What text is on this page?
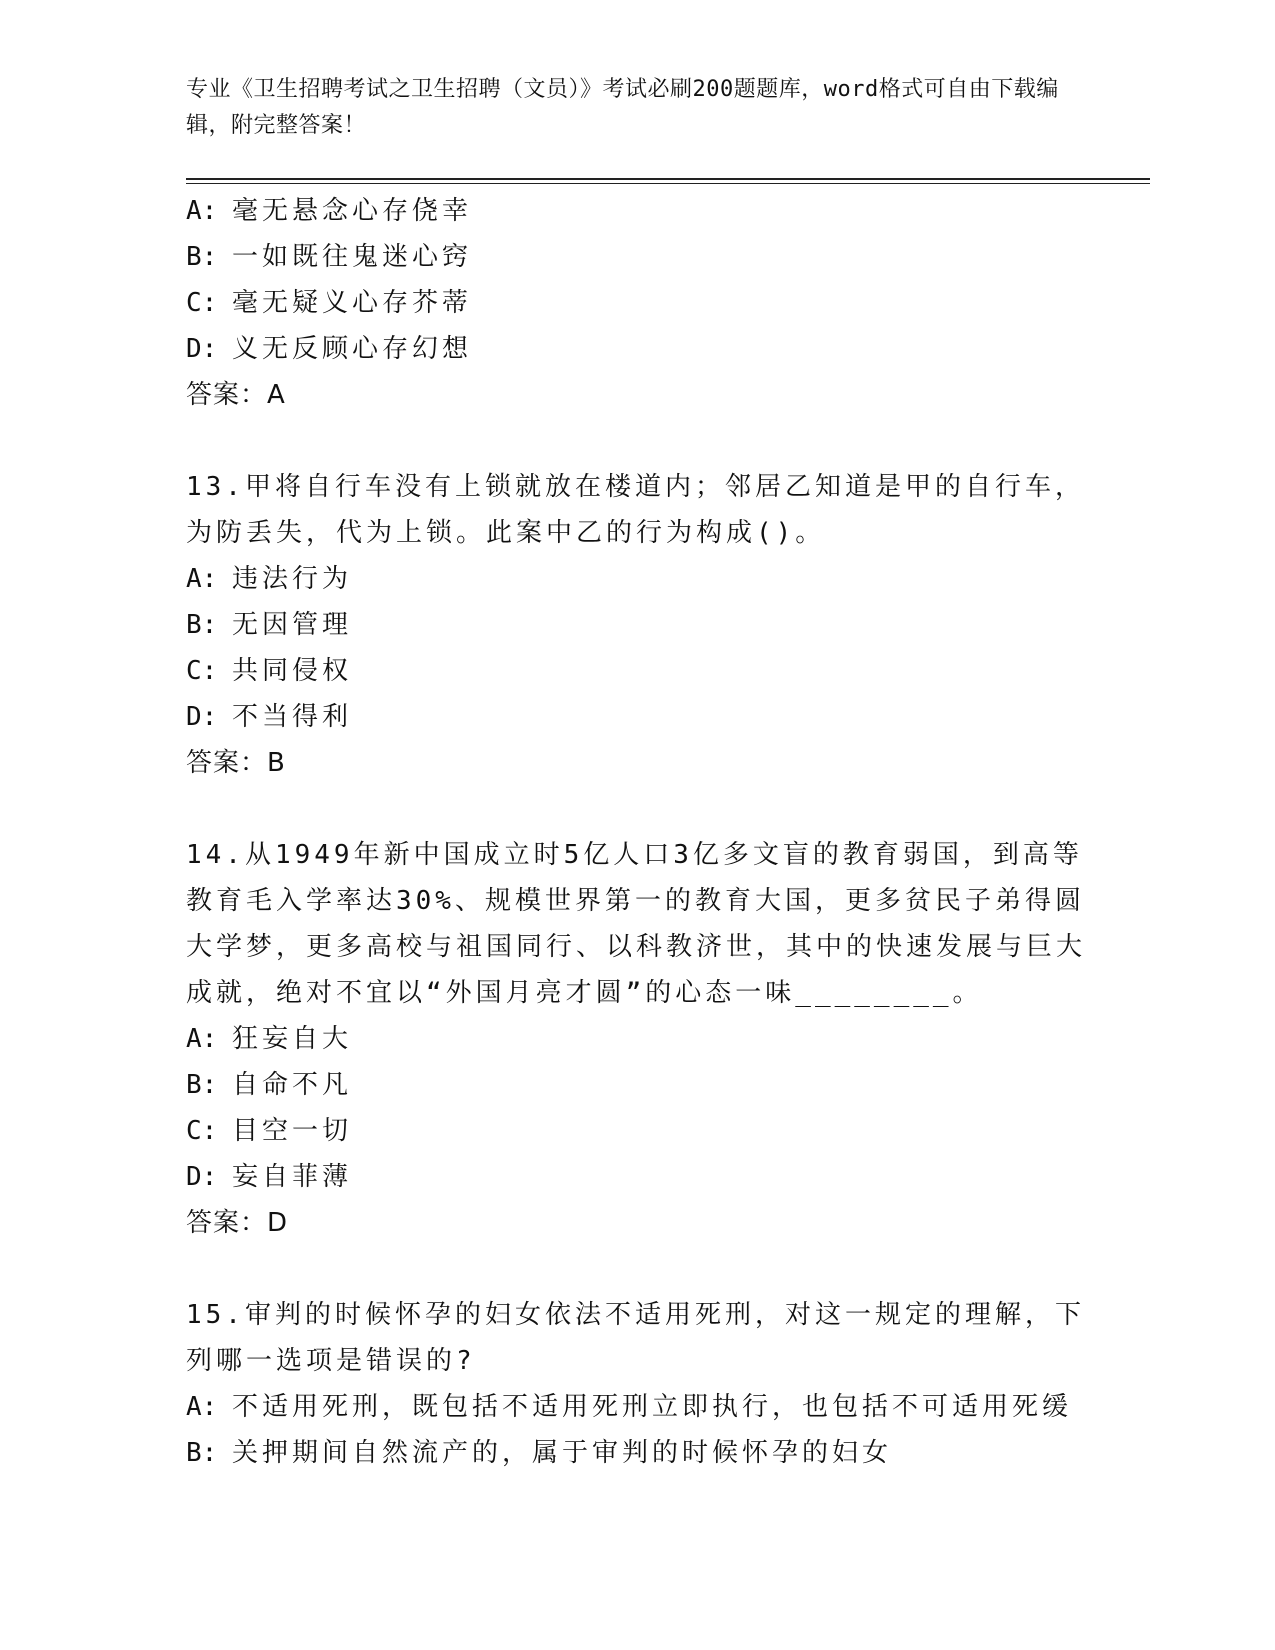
专业《卫生招聘考试之卫生招聘（文员）》考试必刷200题题库，word格式可自由下载编辑，附完整答案！

A: 毫无悬念心存侥幸

B: 一如既往鬼迷心窍

C: 毫无疑义心存芥蒂

D: 义无反顾心存幻想

答案：A

13.甲将自行车没有上锁就放在楼道内；邻居乙知道是甲的自行车，为防丢失，代为上锁。此案中乙的行为构成()。

A: 违法行为

B: 无因管理

C: 共同侵权

D: 不当得利

答案：B

14.从1949年新中国成立时5亿人口3亿多文盲的教育弱国，到高等教育毛入学率达30%、规模世界第一的教育大国，更多贫民子弟得圆大学梦，更多高校与祖国同行、以科教济世，其中的快速发展与巨大成就，绝对不宜以“外国月亮才圆”的心态一味________。

A: 狂妄自大

B: 自命不凡

C: 目空一切

D: 妄自菲薄

答案：D

15.审判的时候怀孕的妇女依法不适用死刑，对这一规定的理解，下列哪一选项是错误的?

A: 不适用死刑，既包括不适用死刑立即执行，也包括不可适用死缓

B: 关押期间自然流产的，属于审判的时候怀孕的妇女
